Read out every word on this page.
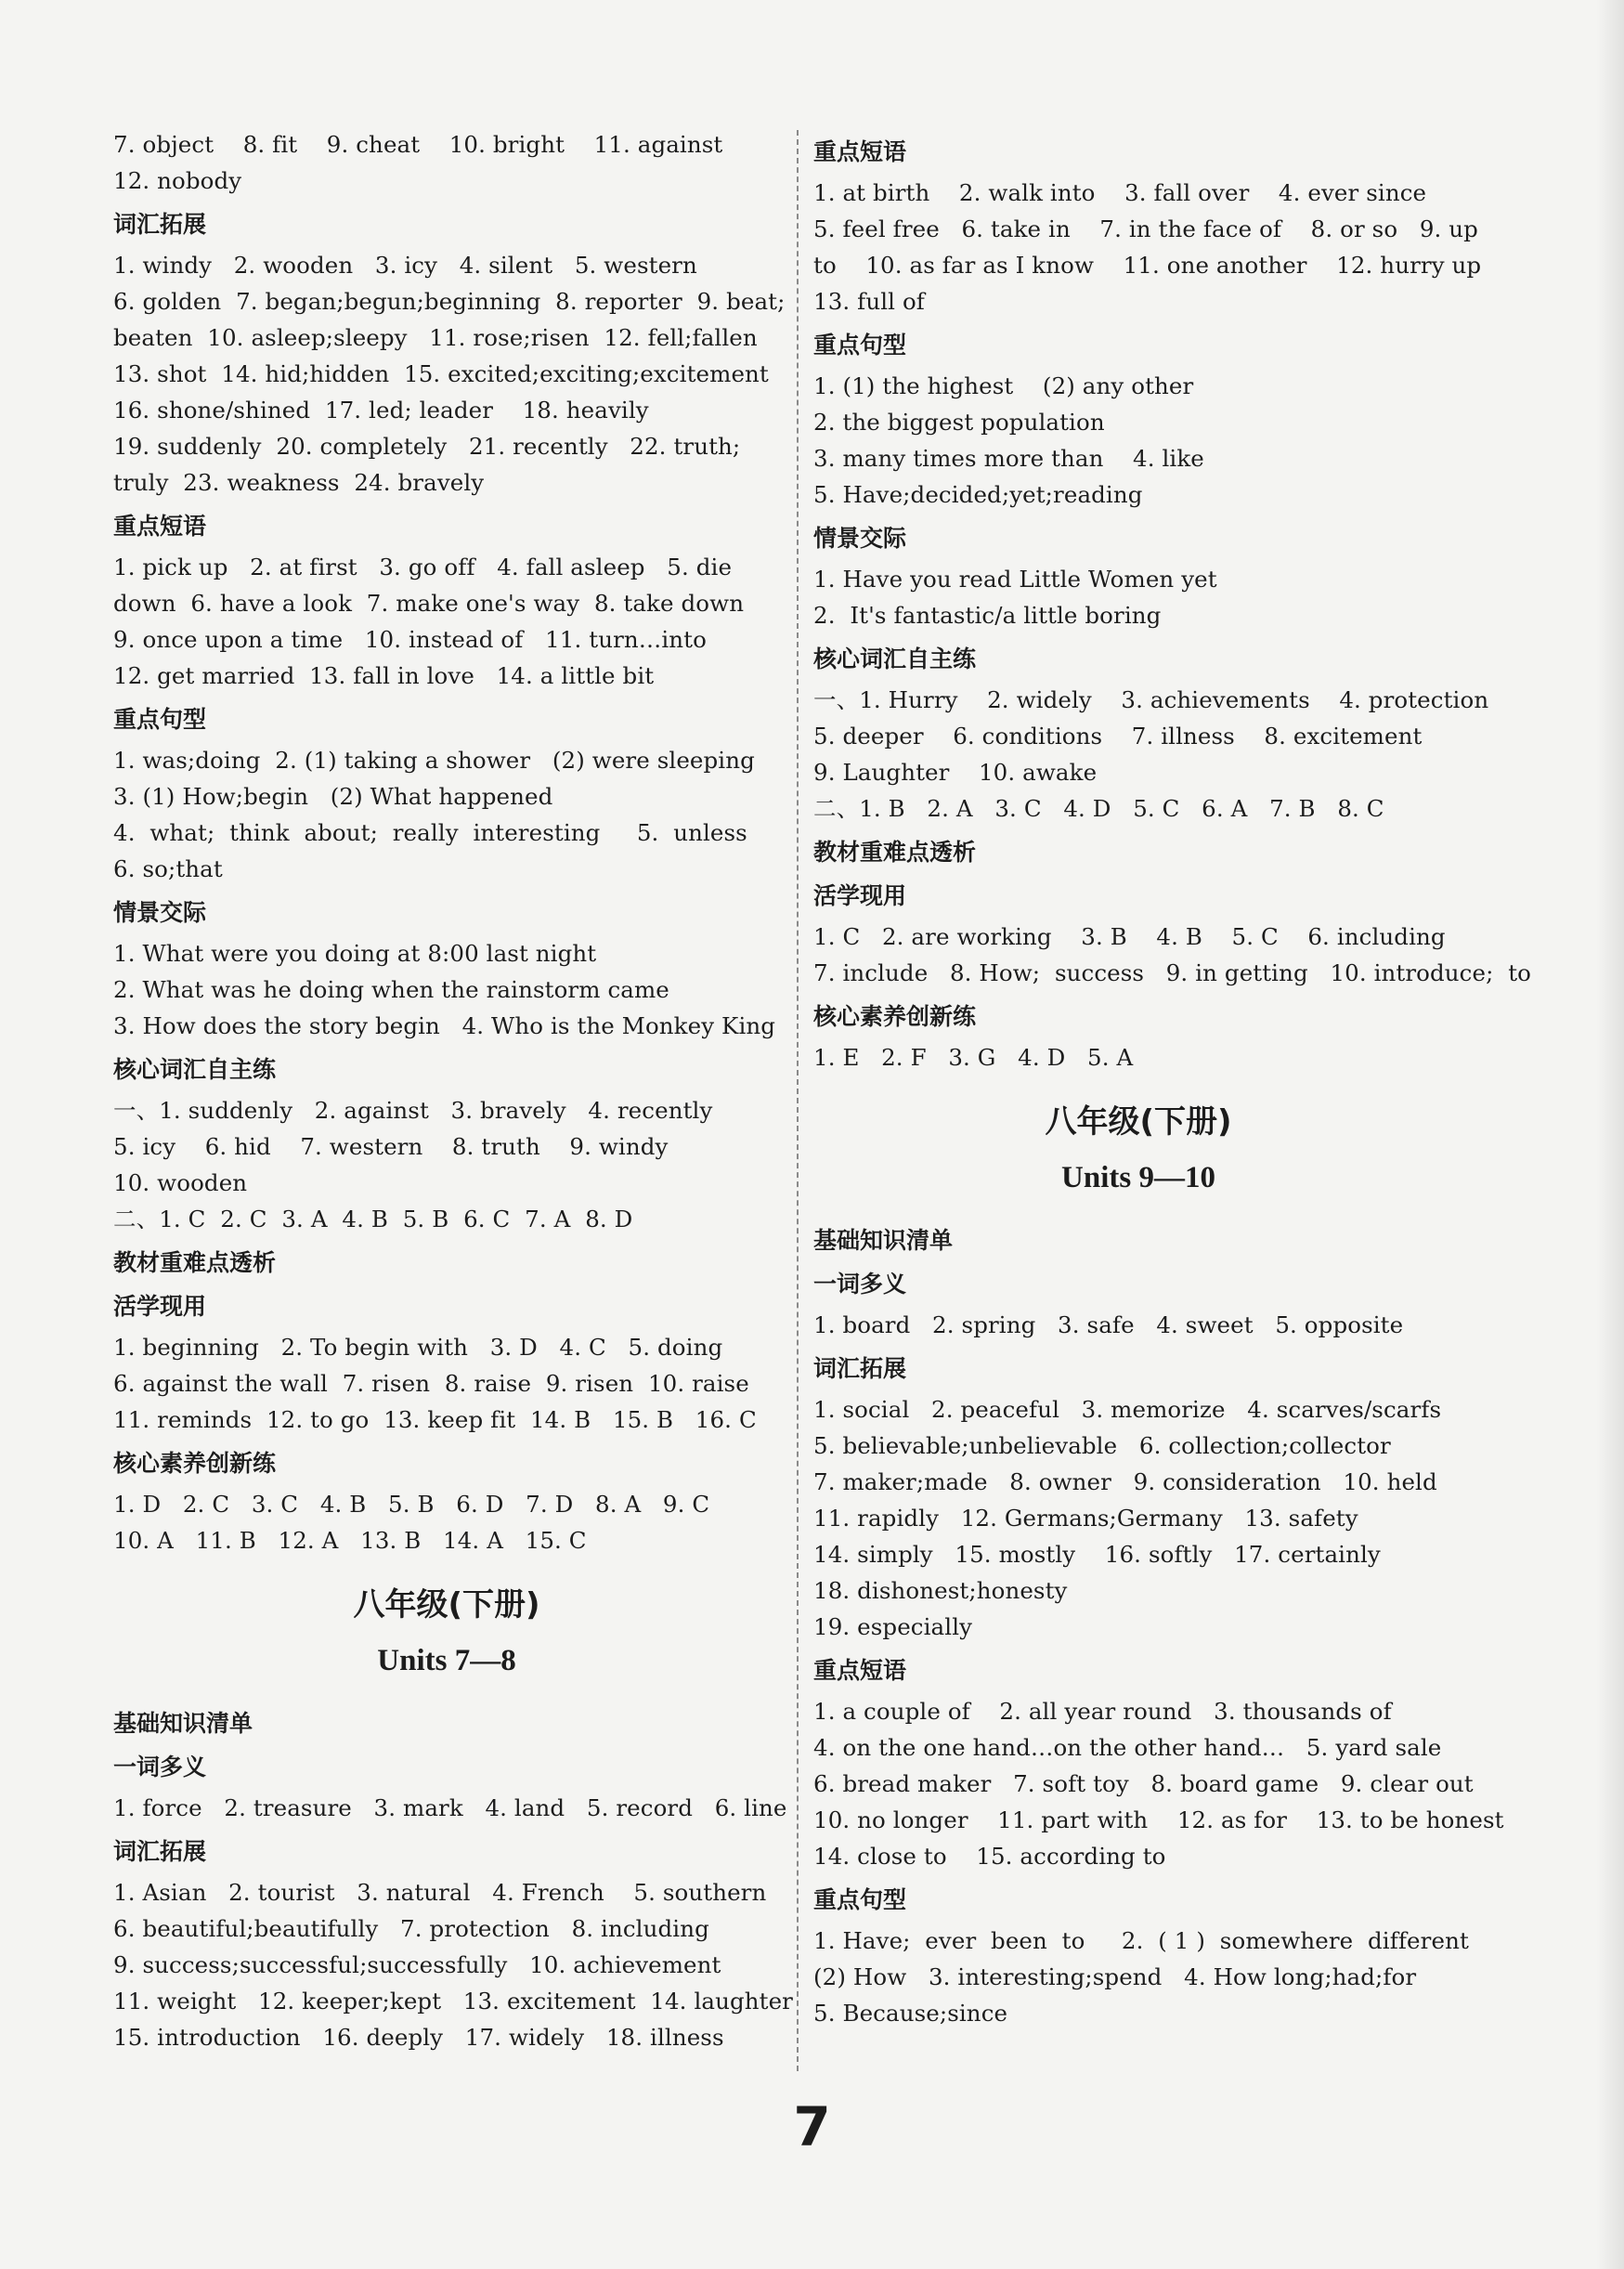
7. object    8. fit    9. cheat    10. bright    11. against
12. nobody
词汇拓展
1. windy   2. wooden   3. icy   4. silent   5. western
6. golden  7. began;begun;beginning  8. reporter  9. beat;
beaten  10. asleep;sleepy   11. rose;risen  12. fell;fallen
13. shot  14. hid;hidden  15. excited;exciting;excitement
16. shone/shined  17. led; leader    18. heavily
19. suddenly  20. completely   21. recently   22. truth;
truly  23. weakness  24. bravely
重点短语
1. pick up   2. at first   3. go off   4. fall asleep   5. die
down  6. have a look  7. make one's way  8. take down
9. once upon a time   10. instead of   11. turn…into
12. get married  13. fall in love   14. a little bit
重点句型
1. was;doing  2. (1) taking a shower   (2) were sleeping
3. (1) How;begin   (2) What happened
4.  what;  think  about;  really  interesting     5.  unless
6. so;that
情景交际
1. What were you doing at 8:00 last night
2. What was he doing when the rainstorm came
3. How does the story begin   4. Who is the Monkey King
核心词汇自主练
一、1. suddenly   2. against   3. bravely   4. recently
5. icy    6. hid    7. western    8. truth    9. windy
10. wooden
二、1. C  2. C  3. A  4. B  5. B  6. C  7. A  8. D
教材重难点透析
活学现用
1. beginning   2. To begin with   3. D   4. C   5. doing
6. against the wall  7. risen  8. raise  9. risen  10. raise
11. reminds  12. to go  13. keep fit  14. B   15. B   16. C
核心素养创新练
1. D   2. C   3. C   4. B   5. B   6. D   7. D   8. A   9. C
10. A   11. B   12. A   13. B   14. A   15. C
八年级(下册)
Units 7—8
基础知识清单
一词多义
1. force   2. treasure   3. mark   4. land   5. record   6. line
词汇拓展
1. Asian   2. tourist   3. natural   4. French    5. southern
6. beautiful;beautifully   7. protection   8. including
9. success;successful;successfully   10. achievement
11. weight   12. keeper;kept   13. excitement  14. laughter
15. introduction   16. deeply   17. widely   18. illness
重点短语
1. at birth    2. walk into    3. fall over    4. ever since
5. feel free   6. take in    7. in the face of    8. or so   9. up
to    10. as far as I know    11. one another    12. hurry up
13. full of
重点句型
1. (1) the highest    (2) any other
2. the biggest population
3. many times more than    4. like
5. Have;decided;yet;reading
情景交际
1. Have you read Little Women yet
2.  It's fantastic/a little boring
核心词汇自主练
一、1. Hurry    2. widely    3. achievements    4. protection
5. deeper    6. conditions    7. illness    8. excitement
9. Laughter    10. awake
二、1. B   2. A   3. C   4. D   5. C   6. A   7. B   8. C
教材重难点透析
活学现用
1. C   2. are working    3. B    4. B    5. C    6. including
7. include   8. How;  success   9. in getting   10. introduce;  to
核心素养创新练
1. E   2. F   3. G   4. D   5. A
八年级(下册)
Units 9—10
基础知识清单
一词多义
1. board   2. spring   3. safe   4. sweet   5. opposite
词汇拓展
1. social   2. peaceful   3. memorize   4. scarves/scarfs
5. believable;unbelievable   6. collection;collector
7. maker;made   8. owner   9. consideration   10. held
11. rapidly   12. Germans;Germany   13. safety
14. simply   15. mostly    16. softly   17. certainly
18. dishonest;honesty
19. especially
重点短语
1. a couple of    2. all year round   3. thousands of
4. on the one hand…on the other hand…   5. yard sale
6. bread maker   7. soft toy   8. board game   9. clear out
10. no longer    11. part with    12. as for    13. to be honest
14. close to    15. according to
重点句型
1. Have;  ever  been  to     2.  ( 1 )  somewhere  different
(2) How   3. interesting;spend   4. How long;had;for
5. Because;since
7
